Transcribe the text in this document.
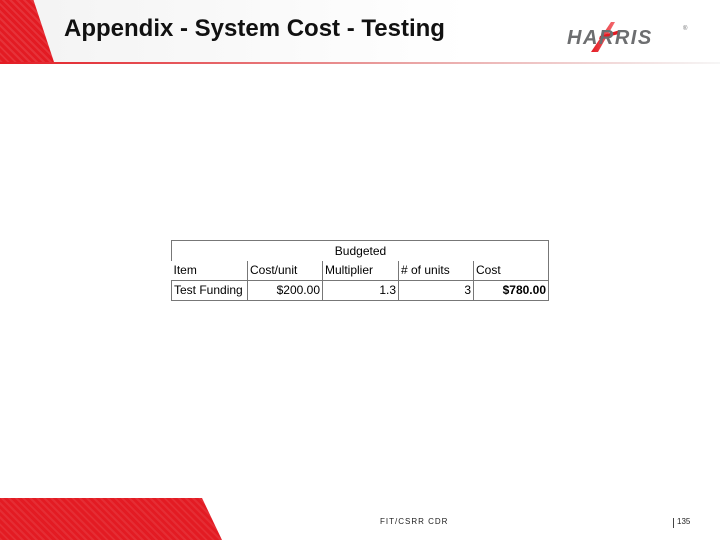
Appendix - System Cost - Testing	HARRIS	®
		Budgeted		
Item	Cost/unit	Multiplier	# of units	Cost
Test Funding	$200.00	1.3	3	$780.00
FIT/CSRR CDR	135
